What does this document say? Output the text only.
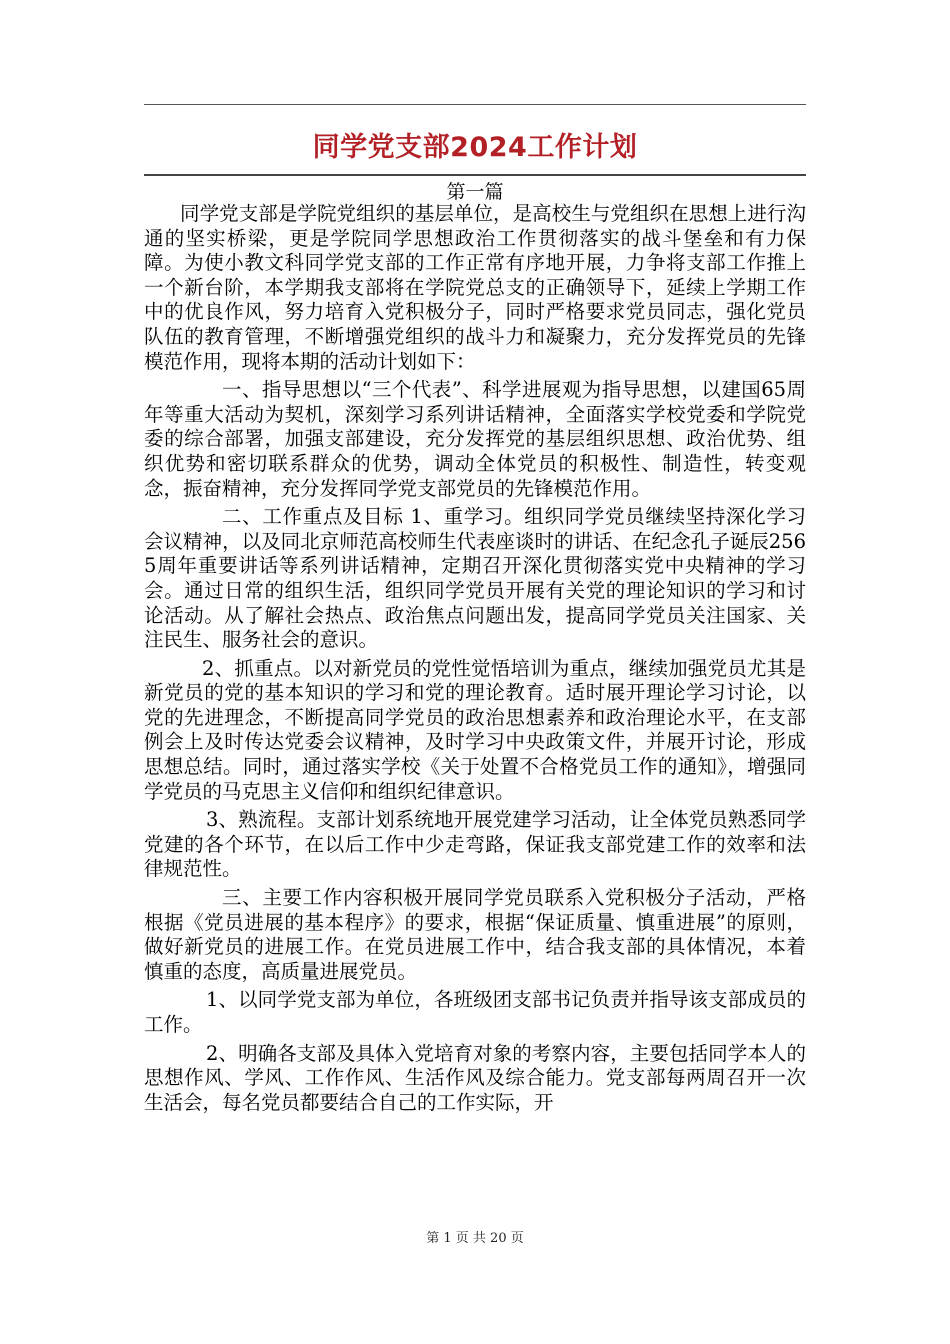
同学党支部2024工作计划
第一篇

同学党支部是学院党组织的基层单位，是高校生与党组织在思想上进行沟通的坚实桥梁，更是学院同学思想政治工作贯彻落实的战斗堡垒和有力保障。为使小教文科同学党支部的工作正常有序地开展，力争将支部工作推上一个新台阶，本学期我支部将在学院党总支的正确领导下，延续上学期工作中的优良作风，努力培育入党积极分子，同时严格要求党员同志，强化党员队伍的教育管理，不断增强党组织的战斗力和凝聚力，充分发挥党员的先锋模范作用，现将本期的活动计划如下：

一、指导思想以“三个代表”、科学进展观为指导思想，以建国65周年等重大活动为契机，深刻学习系列讲话精神，全面落实学校党委和学院党委的综合部署，加强支部建设，充分发挥党的基层组织思想、政治优势、组织优势和密切联系群众的优势，调动全体党员的积极性、制造性，转变观念，振奋精神，充分发挥同学党支部党员的先锋模范作用。

二、工作重点及目标 1、重学习。组织同学党员继续坚持深化学习会议精神，以及同北京师范高校师生代表座谈时的讲话、在纪念孔子诞辰2565周年重要讲话等系列讲话精神，定期召开深化贯彻落实党中央精神的学习会。通过日常的组织生活，组织同学党员开展有关党的理论知识的学习和讨论活动。从了解社会热点、政治焦点问题出发，提高同学党员关注国家、关注民生、服务社会的意识。

2、抓重点。以对新党员的党性觉悟培训为重点，继续加强党员尤其是新党员的党的基本知识的学习和党的理论教育。适时展开理论学习讨论，以党的先进理念，不断提高同学党员的政治思想素养和政治理论水平，在支部例会上及时传达党委会议精神，及时学习中央政策文件，并展开讨论，形成思想总结。同时，通过落实学校《关于处置不合格党员工作的通知》，增强同学党员的马克思主义信仰和组织纪律意识。

3、熟流程。支部计划系统地开展党建学习活动，让全体党员熟悉同学党建的各个环节，在以后工作中少走弯路，保证我支部党建工作的效率和法律规范性。

三、主要工作内容积极开展同学党员联系入党积极分子活动，严格根据《党员进展的基本程序》的要求，根据“保证质量、慎重进展”的原则，做好新党员的进展工作。在党员进展工作中，结合我支部的具体情况，本着慎重的态度，高质量进展党员。

1、以同学党支部为单位，各班级团支部书记负责并指导该支部成员的工作。

2、明确各支部及具体入党培育对象的考察内容，主要包括同学本人的思想作风、学风、工作作风、生活作风及综合能力。党支部每两周召开一次生活会，每名党员都要结合自己的工作实际，开

第 1 页 共 20 页
